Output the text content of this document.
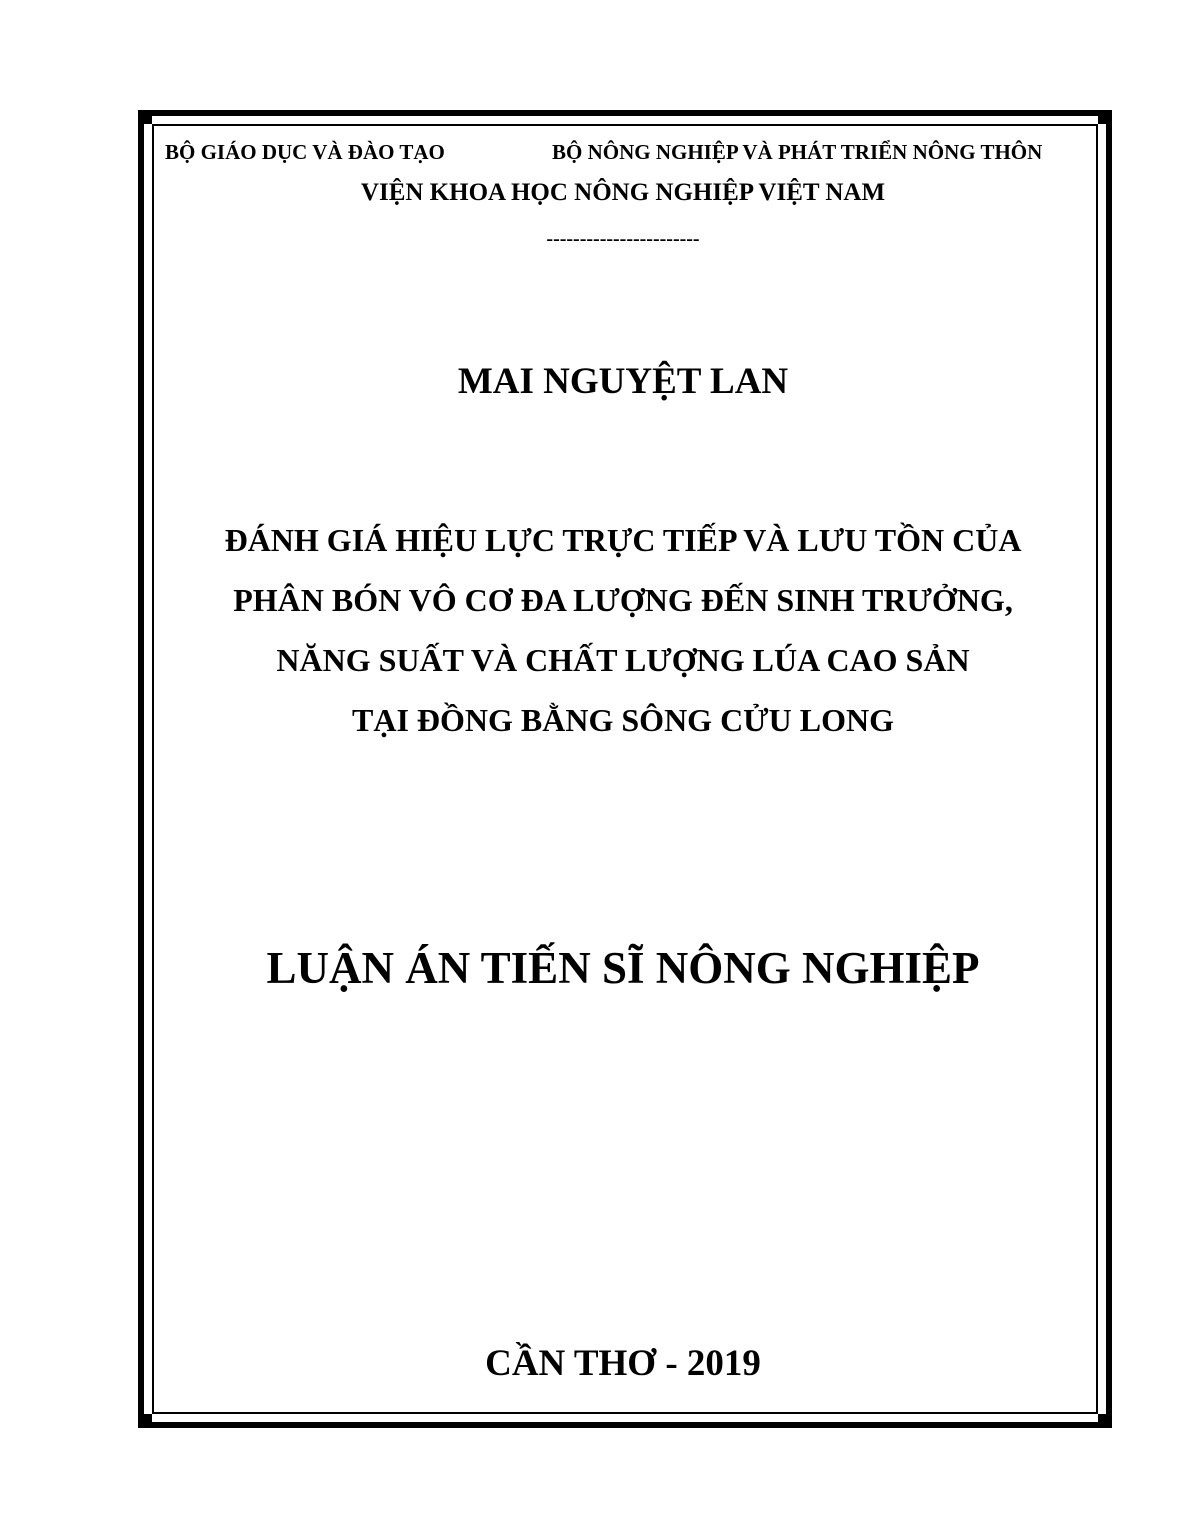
BỘ GIÁO DỤC VÀ ĐÀO TẠO	BỘ NÔNG NGHIỆP VÀ PHÁT TRIỂN NÔNG THÔN
VIỆN KHOA HỌC NÔNG NGHIỆP VIỆT NAM
-----------------------
MAI NGUYỆT LAN
ĐÁNH GIÁ HIỆU LỰC TRỰC TIẾP VÀ LƯU TỒN CỦA
PHÂN BÓN VÔ CƠ ĐA LƯỢNG ĐẾN SINH TRƯỞNG,
NĂNG SUẤT VÀ CHẤT LƯỢNG LÚA CAO SẢN
TẠI ĐỒNG BẰNG SÔNG CỬU LONG
LUẬN ÁN TIẾN SĨ NÔNG NGHIỆP
CẦN THƠ - 2019
